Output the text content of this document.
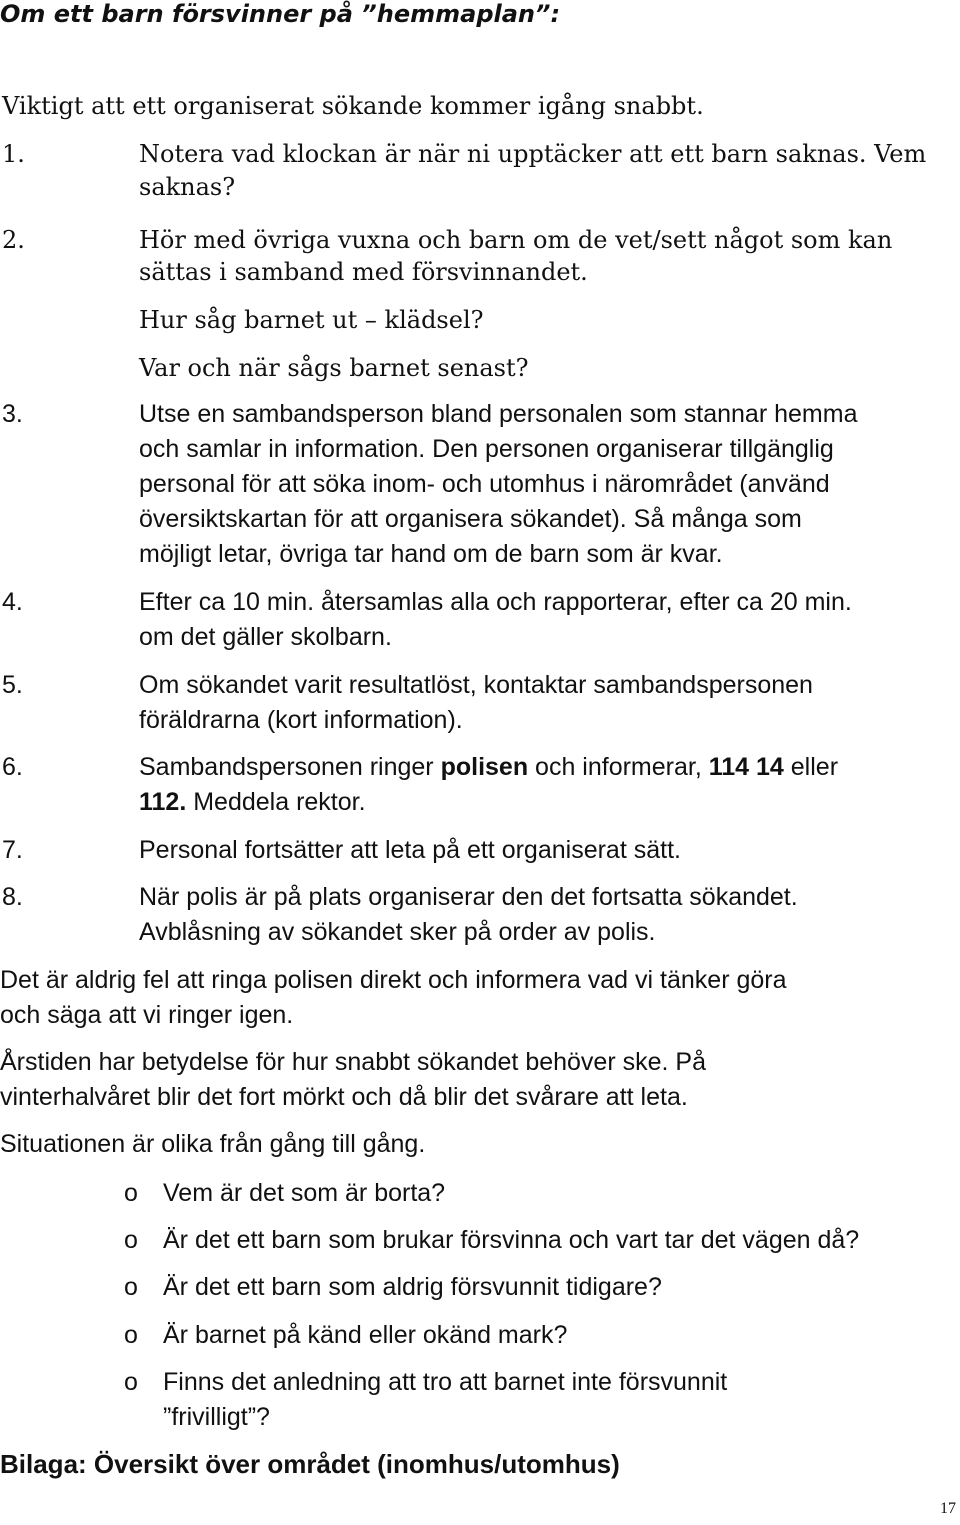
Om ett barn försvinner på ”hemmaplan”:
Viktigt att ett organiserat sökande kommer igång snabbt.
1.	Notera vad klockan är när ni upptäcker att ett barn saknas. Vem
saknas?
2.	Hör med övriga vuxna och barn om de vet/sett något som kan
sättas i samband med försvinnandet.
Hur såg barnet ut – klädsel?
Var och när sågs barnet senast?
3.	Utse en sambandsperson bland personalen som stannar hemma
och samlar in information. Den personen organiserar tillgänglig
personal för att söka inom- och utomhus i närområdet (använd
översiktskartan för att organisera sökandet). Så många som
möjligt letar, övriga tar hand om de barn som är kvar.
4.	Efter ca 10 min. återsamlas alla och rapporterar, efter ca 20 min.
om det gäller skolbarn.
5.	Om sökandet varit resultatlöst, kontaktar sambandspersonen
föräldrarna (kort information).
6.	Sambandspersonen ringer polisen och informerar, 114 14 eller
112. Meddela rektor.
7.	Personal fortsätter att leta på ett organiserat sätt.
8.	När polis är på plats organiserar den det fortsatta sökandet.
Avblåsning av sökandet sker på order av polis.
Det är aldrig fel att ringa polisen direkt och informera vad vi tänker göra
och säga att vi ringer igen.
Årstiden har betydelse för hur snabbt sökandet behöver ske. På
vinterhalvåret blir det fort mörkt och då blir det svårare att leta.
Situationen är olika från gång till gång.
o Vem är det som är borta?
o Är det ett barn som brukar försvinna och vart tar det vägen då?
o Är det ett barn som aldrig försvunnit tidigare?
o Är barnet på känd eller okänd mark?
o Finns det anledning att tro att barnet inte försvunnit
”frivilligt”?
Bilaga: Översikt över området (inomhus/utomhus)
17
